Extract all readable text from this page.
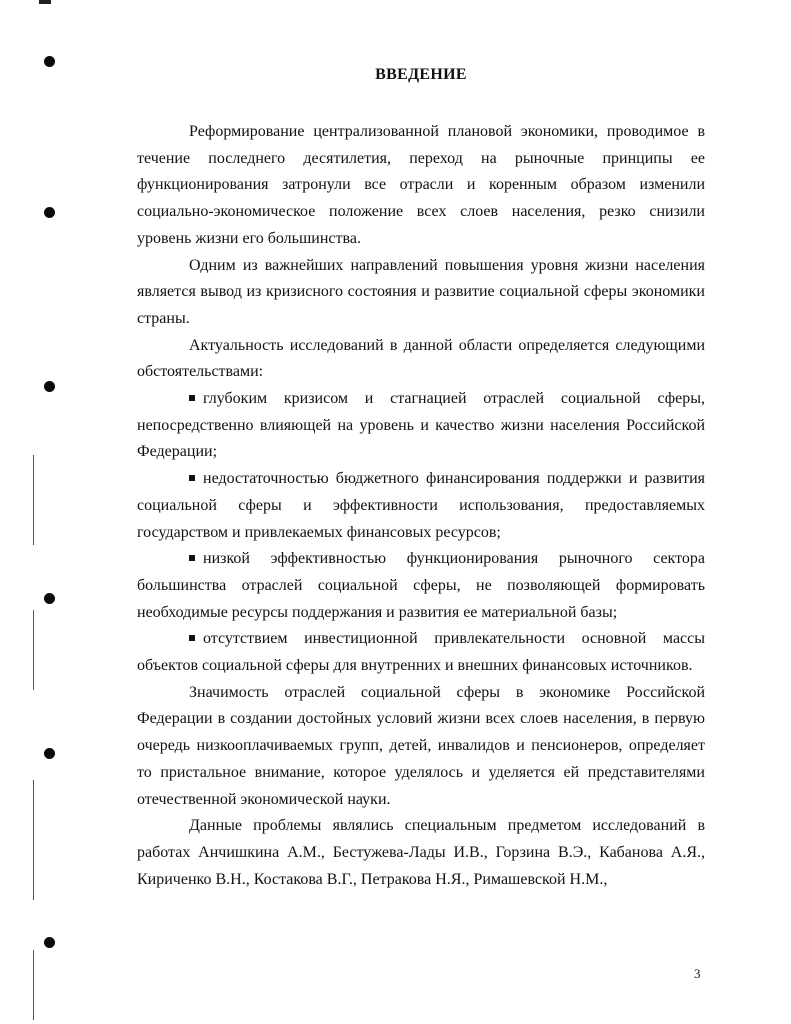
ВВЕДЕНИЕ

Реформирование централизованной плановой экономики, проводимое в течение последнего десятилетия, переход на рыночные принципы ее функционирования затронули все отрасли и коренным образом изменили социально-экономическое положение всех слоев населения, резко снизили уровень жизни его большинства.

Одним из важнейших направлений повышения уровня жизни населения является вывод из кризисного состояния и развитие социальной сферы экономики страны.

Актуальность исследований в данной области определяется следующими обстоятельствами:

глубоким кризисом и стагнацией отраслей социальной сферы, непосредственно влияющей на уровень и качество жизни населения Российской Федерации;

недостаточностью бюджетного финансирования поддержки и развития социальной сферы и эффективности использования, предоставляемых государством и привлекаемых финансовых ресурсов;

низкой эффективностью функционирования рыночного сектора большинства отраслей социальной сферы, не позволяющей формировать необходимые ресурсы поддержания и развития ее материальной базы;

отсутствием инвестиционной привлекательности основной массы объектов социальной сферы для внутренних и внешних финансовых источников.

Значимость отраслей социальной сферы в экономике Российской Федерации в создании достойных условий жизни всех слоев населения, в первую очередь низкооплачиваемых групп, детей, инвалидов и пенсионеров, определяет то пристальное внимание, которое уделялось и уделяется ей представителями отечественной экономической науки.

Данные проблемы являлись специальным предметом исследований в работах Анчишкина А.М., Бестужева-Лады И.В., Горзина В.Э., Кабанова А.Я., Кириченко В.Н., Костакова В.Г., Петракова Н.Я., Римашевской Н.М.,

3
